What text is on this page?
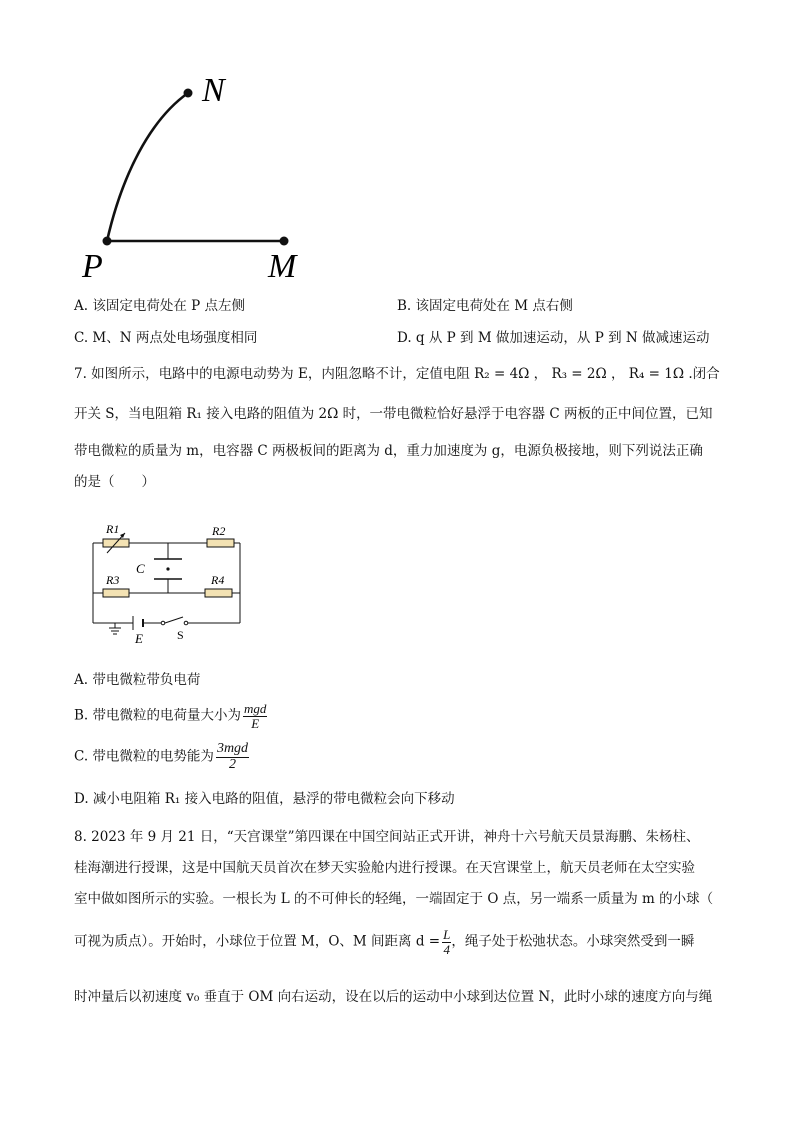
N
P	M
A. 该固定电荷处在 P 点左侧	B. 该固定电荷处在 M 点右侧
C. M、N 两点处电场强度相同	D. q 从 P 到 M 做加速运动，从 P 到 N 做减速运动
7. 如图所示，电路中的电源电动势为 E，内阻忽略不计，定值电阻 R₂ = 4Ω ， R₃ = 2Ω ， R₄ = 1Ω .闭合
开关 S，当电阻箱 R₁ 接入电路的阻值为 2Ω 时，一带电微粒恰好悬浮于电容器 C 两板的正中间位置，已知
带电微粒的质量为 m，电容器 C 两极板间的距离为 d，重力加速度为 g，电源负极接地，则下列说法正确
的是（　　）
R1	R2
R3	R4
C
E	S
A. 带电微粒带负电荷
B. 带电微粒的电荷量大小为 $\frac{\text{mgd}}{E}$
C. 带电微粒的电势能为 $\frac{\text{3mgd}}{2}$
D. 减小电阻箱 R₁ 接入电路的阻值，悬浮的带电微粒会向下移动
8. 2023 年 9 月 21 日，“天宫课堂”第四课在中国空间站正式开讲，神舟十六号航天员景海鹏、朱杨柱、
桂海潮进行授课，这是中国航天员首次在梦天实验舱内进行授课。在天宫课堂上，航天员老师在太空实验
室中做如图所示的实验。一根长为 L 的不可伸长的轻绳，一端固定于 O 点，另一端系一质量为 m 的小球（
可视为质点）。开始时，小球位于位置 M，O、M 间距离 $d = \frac{L}{4}$ ，绳子处于松弛状态。小球突然受到一瞬
时冲量后以初速度 v₀ 垂直于 OM 向右运动，设在以后的运动中小球到达位置 N，此时小球的速度方向与绳
